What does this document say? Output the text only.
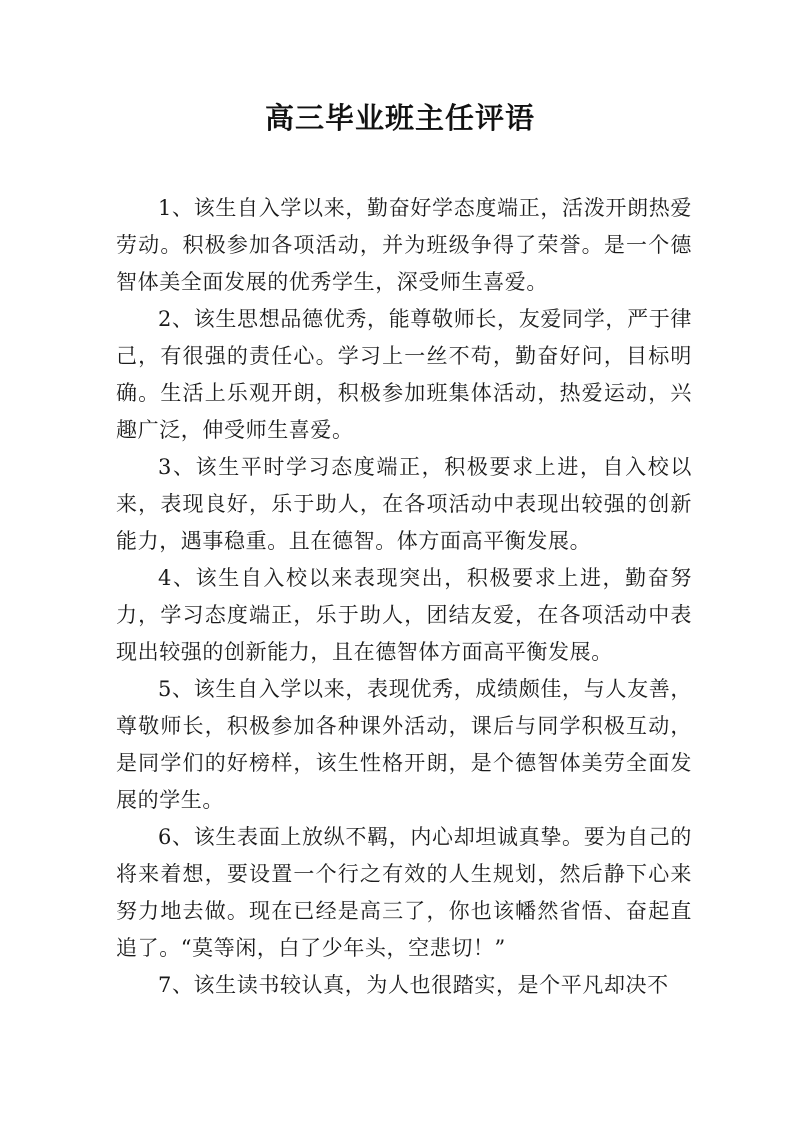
高三毕业班主任评语

1、该生自入学以来，勤奋好学态度端正，活泼开朗热爱劳动。积极参加各项活动，并为班级争得了荣誉。是一个德智体美全面发展的优秀学生，深受师生喜爱。

2、该生思想品德优秀，能尊敬师长，友爱同学，严于律己，有很强的责任心。学习上一丝不苟，勤奋好问，目标明确。生活上乐观开朗，积极参加班集体活动，热爱运动，兴趣广泛，伸受师生喜爱。

3、该生平时学习态度端正，积极要求上进，自入校以来，表现良好，乐于助人，在各项活动中表现出较强的创新能力，遇事稳重。且在德智。体方面高平衡发展。

4、该生自入校以来表现突出，积极要求上进，勤奋努力，学习态度端正，乐于助人，团结友爱，在各项活动中表现出较强的创新能力，且在德智体方面高平衡发展。

5、该生自入学以来，表现优秀，成绩颇佳，与人友善，尊敬师长，积极参加各种课外活动，课后与同学积极互动，是同学们的好榜样，该生性格开朗，是个德智体美劳全面发展的学生。

6、该生表面上放纵不羁，内心却坦诚真挚。要为自己的将来着想，要设置一个行之有效的人生规划，然后静下心来努力地去做。现在已经是高三了，你也该幡然省悟、奋起直追了。“莫等闲，白了少年头，空悲切！”

7、该生读书较认真，为人也很踏实，是个平凡却决不
